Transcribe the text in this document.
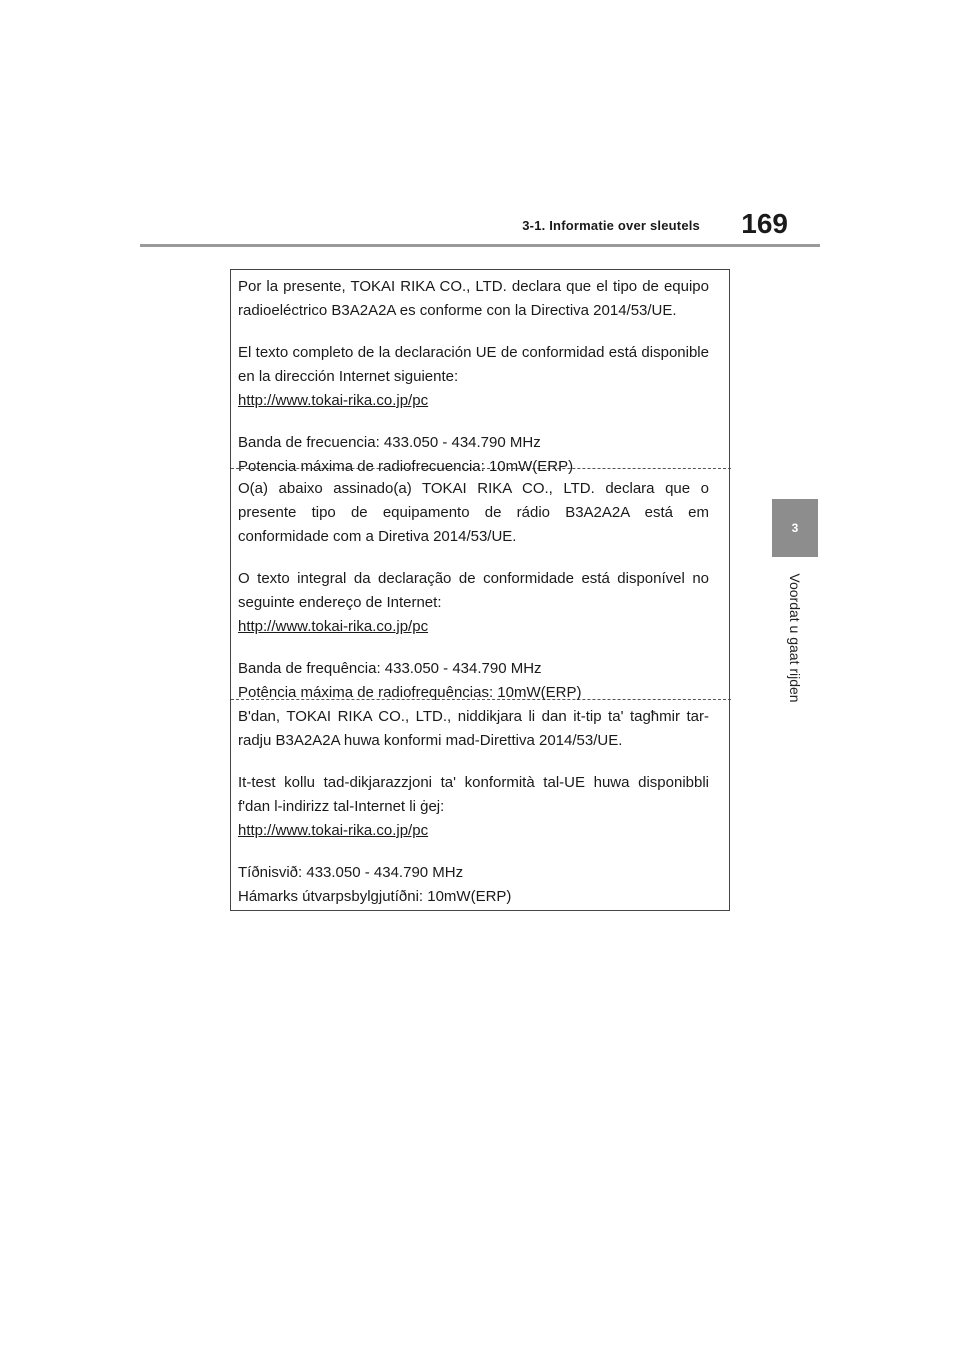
3-1. Informatie over sleutels	169
3
Voordat u gaat rijden

Por la presente, TOKAI RIKA CO., LTD. declara que el tipo de equipo radioeléctrico B3A2A2A es conforme con la Directiva 2014/53/UE.

El texto completo de la declaración UE de conformidad está disponible en la dirección Internet siguiente:

http://www.tokai-rika.co.jp/pc

Banda de frecuencia: 433.050 - 434.790 MHz

Potencia máxima de radiofrecuencia: 10mW(ERP)

O(a) abaixo assinado(a) TOKAI RIKA CO., LTD. declara que o presente tipo de equipamento de rádio B3A2A2A está em conformidade com a Diretiva 2014/53/UE.

O texto integral da declaração de conformidade está disponível no seguinte endereço de Internet:

http://www.tokai-rika.co.jp/pc

Banda de frequência: 433.050 - 434.790 MHz

Potência máxima de radiofrequências: 10mW(ERP)

B'dan, TOKAI RIKA CO., LTD., niddikjara li dan it-tip ta' tagħmir tar-radju B3A2A2A huwa konformi mad-Direttiva 2014/53/UE.

It-test kollu tad-dikjarazzjoni ta' konformità tal-UE huwa disponibbli f'dan l-indirizz tal-Internet li ġej:

http://www.tokai-rika.co.jp/pc

Tíðnisvið: 433.050 - 434.790 MHz

Hámarks útvarpsbylgjutíðni: 10mW(ERP)
